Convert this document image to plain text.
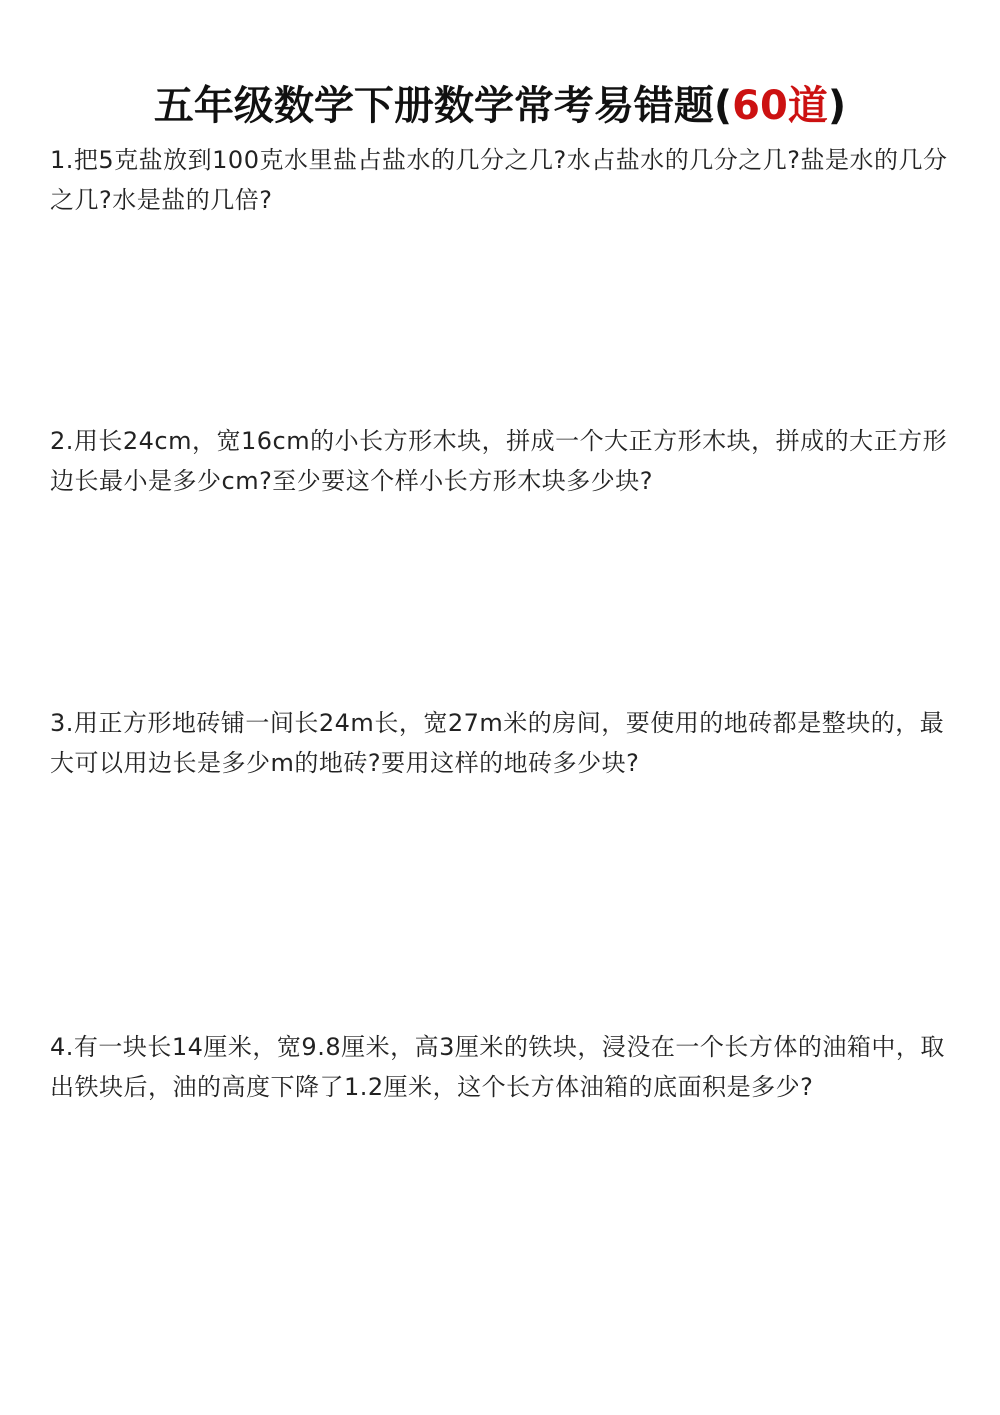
五年级数学下册数学常考易错题(60道)
1.把5克盐放到100克水里盐占盐水的几分之几?水占盐水的几分之几?盐是水的几分之几?水是盐的几倍?
2.用长24cm，宽16cm的小长方形木块，拼成一个大正方形木块，拼成的大正方形边长最小是多少cm?至少要这个样小长方形木块多少块?
3.用正方形地砖铺一间长24m长，宽27m米的房间，要使用的地砖都是整块的，最大可以用边长是多少m的地砖?要用这样的地砖多少块?
4.有一块长14厘米，宽9.8厘米，高3厘米的铁块，浸没在一个长方体的油箱中，取出铁块后，油的高度下降了1.2厘米，这个长方体油箱的底面积是多少?
